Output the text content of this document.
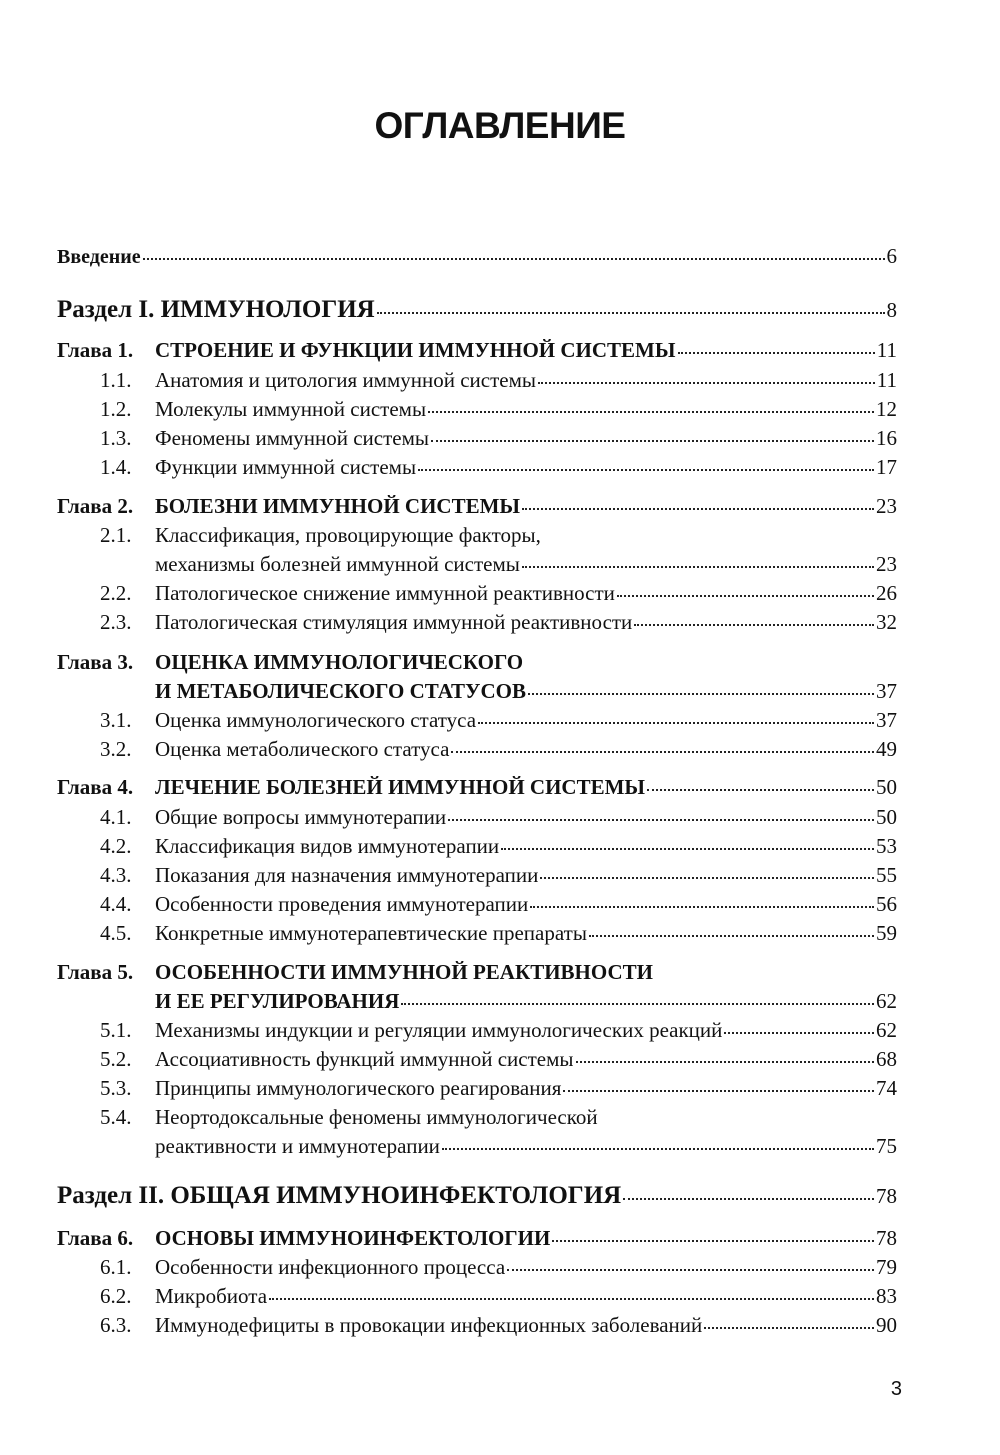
ОГЛАВЛЕНИЕ
Введение	6
Раздел I. ИММУНОЛОГИЯ	8
Глава 1.	СТРОЕНИЕ И ФУНКЦИИ ИММУННОЙ СИСТЕМЫ	11
1.1.	Анатомия и цитология иммунной системы	11
1.2.	Молекулы иммунной системы	12
1.3.	Феномены иммунной системы	16
1.4.	Функции иммунной системы	17
Глава 2.	БОЛЕЗНИ ИММУННОЙ СИСТЕМЫ	23
2.1. Классификация, провоцирующие факторы,
механизмы болезней иммунной системы	23
2.2.	Патологическое снижение иммунной реактивности	26
2.3.	Патологическая стимуляция иммунной реактивности	32
Глава 3. ОЦЕНКА ИММУНОЛОГИЧЕСКОГО
И МЕТАБОЛИЧЕСКОГО СТАТУСОВ	37
3.1.	Оценка иммунологического статуса	37
3.2.	Оценка метаболического статуса	49
Глава 4.	ЛЕЧЕНИЕ БОЛЕЗНЕЙ ИММУННОЙ СИСТЕМЫ	50
4.1.	Общие вопросы иммунотерапии	50
4.2.	Классификация видов иммунотерапии	53
4.3.	Показания для назначения иммунотерапии	55
4.4.	Особенности проведения иммунотерапии	56
4.5.	Конкретные иммунотерапевтические препараты	59
Глава 5. ОСОБЕННОСТИ ИММУННОЙ РЕАКТИВНОСТИ
И ЕЕ РЕГУЛИРОВАНИЯ	62
5.1.	Механизмы индукции и регуляции иммунологических реакций	62
5.2.	Ассоциативность функций иммунной системы	68
5.3.	Принципы иммунологического реагирования	74
5.4. Неортодоксальные феномены иммунологической
реактивности и иммунотерапии	75
Раздел II. ОБЩАЯ ИММУНОИНФЕКТОЛОГИЯ	78
Глава 6.	ОСНОВЫ ИММУНОИНФЕКТОЛОГИИ	78
6.1.	Особенности инфекционного процесса	79
6.2.	Микробиота	83
6.3.	Иммунодефициты в провокации инфекционных заболеваний	90
3
